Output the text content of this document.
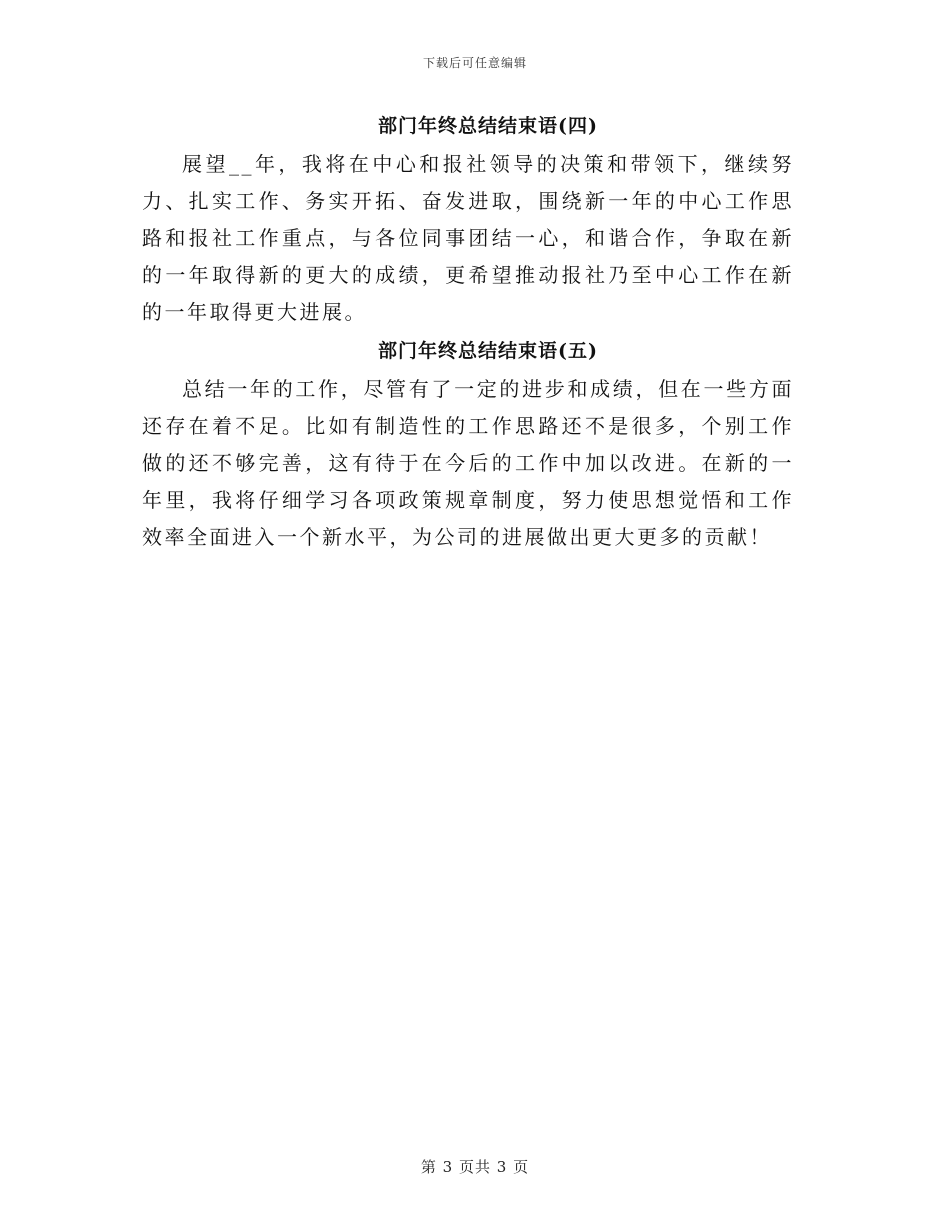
下载后可任意编辑
部门年终总结结束语(四)

展望__年，我将在中心和报社领导的决策和带领下，继续努力、扎实工作、务实开拓、奋发进取，围绕新一年的中心工作思路和报社工作重点，与各位同事团结一心，和谐合作，争取在新的一年取得新的更大的成绩，更希望推动报社乃至中心工作在新的一年取得更大进展。

部门年终总结结束语(五)

总结一年的工作，尽管有了一定的进步和成绩，但在一些方面还存在着不足。比如有制造性的工作思路还不是很多，个别工作做的还不够完善，这有待于在今后的工作中加以改进。在新的一年里，我将仔细学习各项政策规章制度，努力使思想觉悟和工作效率全面进入一个新水平，为公司的进展做出更大更多的贡献！

第 3 页共 3 页
